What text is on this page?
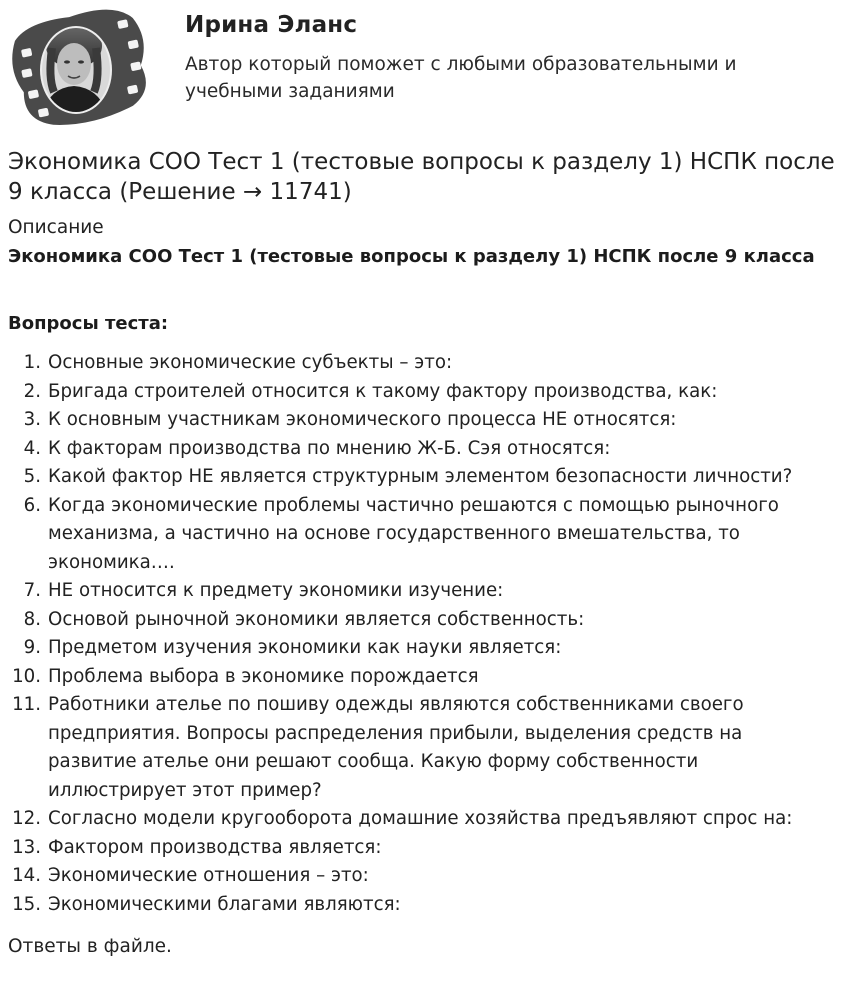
Ирина Эланс
Автор который поможет с любыми образовательными и учебными заданиями
Экономика СОО Тест 1 (тестовые вопросы к разделу 1) НСПК после 9 класса (Решение → 11741)
Описание
Экономика СОО Тест 1 (тестовые вопросы к разделу 1) НСПК после 9 класса
Вопросы теста:
1. Основные экономические субъекты – это:
2. Бригада строителей относится к такому фактору производства, как:
3. К основным участникам экономического процесса НЕ относятся:
4. К факторам производства по мнению Ж-Б. Сэя относятся:
5. Какой фактор НЕ является структурным элементом безопасности личности?
6. Когда экономические проблемы частично решаются с помощью рыночного механизма, а частично на основе государственного вмешательства, то экономика….
7. НЕ относится к предмету экономики изучение:
8. Основой рыночной экономики является собственность:
9. Предметом изучения экономики как науки является:
10. Проблема выбора в экономике порождается
11. Работники ателье по пошиву одежды являются собственниками своего предприятия. Вопросы распределения прибыли, выделения средств на развитие ателье они решают сообща. Какую форму собственности иллюстрирует этот пример?
12. Согласно модели кругооборота домашние хозяйства предъявляют спрос на:
13. Фактором производства является:
14. Экономические отношения – это:
15. Экономическими благами являются:
Ответы в файле.
